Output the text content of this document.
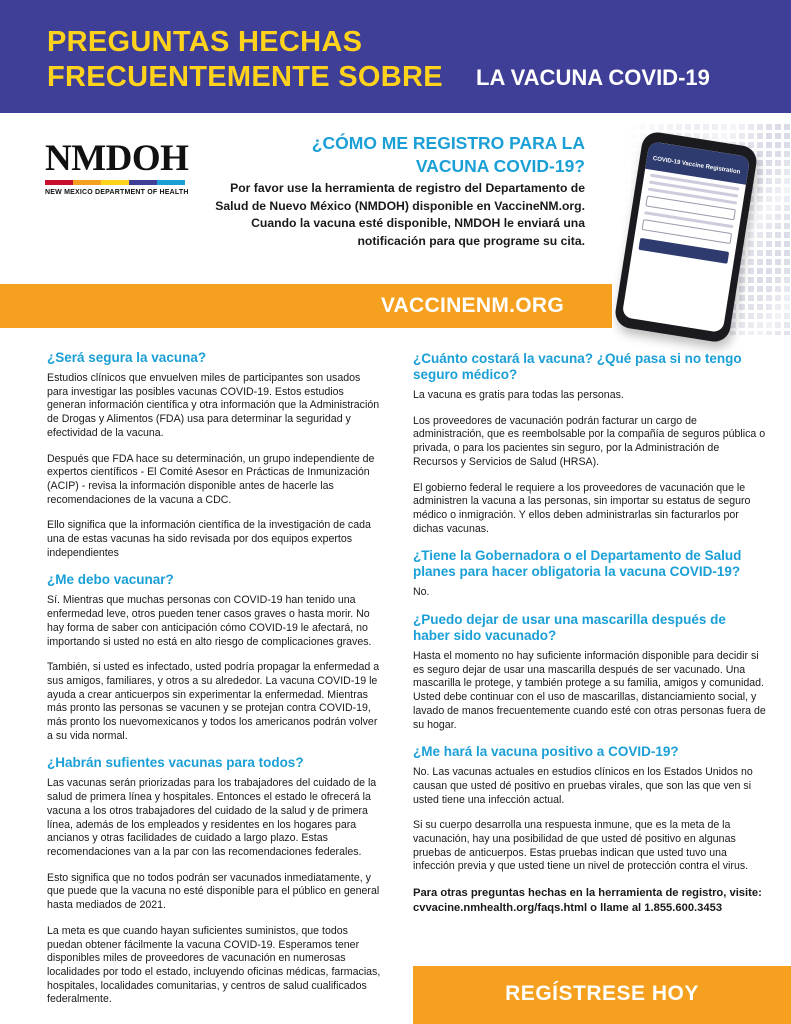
PREGUNTAS HECHAS
FRECUENTEMENTE SOBRE LA VACUNA COVID-19
NMDOH
NEW MEXICO DEPARTMENT OF HEALTH
¿CÓMO ME REGISTRO PARA LA
VACUNA COVID-19?
Por favor use la herramienta de registro del Departamento de Salud de Nuevo México (NMDOH) disponible en VaccineNM.org. Cuando la vacuna esté disponible, NMDOH le enviará una notificación para que programe su cita.
COVID-19 Vaccine Registration
VACCINENM.ORG
¿Será segura la vacuna?

Estudios clínicos que envuelven miles de participantes son usados para investigar las posibles vacunas COVID-19. Estos estudios generan información científica y otra información que la Administración de Drogas y Alimentos (FDA) usa para determinar la seguridad y efectividad de la vacuna.

Después que FDA hace su determinación, un grupo independiente de expertos científicos - El Comité Asesor en Prácticas de Inmunización (ACIP) - revisa la información disponible antes de hacerle las recomendaciones de la vacuna a CDC.

Ello significa que la información científica de la investigación de cada una de estas vacunas ha sido revisada por dos equipos expertos independientes

¿Me debo vacunar?

Sí. Mientras que muchas personas con COVID-19 han tenido una enfermedad leve, otros pueden tener casos graves o hasta morir. No hay forma de saber con anticipación cómo COVID-19 le afectará, no importando si usted no está en alto riesgo de complicaciones graves.

También, si usted es infectado, usted podría propagar la enfermedad a sus amigos, familiares, y otros a su alrededor. La vacuna COVID-19 le ayuda a crear anticuerpos sin experimentar la enfermedad. Mientras más pronto las personas se vacunen y se protejan contra COVID-19, más pronto los nuevomexicanos y todos los americanos podrán volver a su vida normal.

¿Habrán sufientes vacunas para todos?

Las vacunas serán priorizadas para los trabajadores del cuidado de la salud de primera línea y hospitales. Entonces el estado le ofrecerá la vacuna a los otros trabajadores del cuidado de la salud y de primera línea, además de los empleados y residentes en los hogares para ancianos y otras facilidades de cuidado a largo plazo. Estas recomendaciones van a la par con las recomendaciones federales.

Esto significa que no todos podrán ser vacunados inmediatamente, y que puede que la vacuna no esté disponible para el público en general hasta mediados de 2021.

La meta es que cuando hayan suficientes suministos, que todos puedan obtener fácilmente la vacuna COVID-19. Esperamos tener disponibles miles de proveedores de vacunación en numerosas localidades por todo el estado, incluyendo oficinas médicas, farmacias, hospitales, localidades comunitarias, y centros de salud cualificados federalmente.

¿Cuánto costará la vacuna? ¿Qué pasa si no tengo seguro médico?

La vacuna es gratis para todas las personas.

Los proveedores de vacunación podrán facturar un cargo de administración, que es reembolsable por la compañía de seguros pública o privada, o para los pacientes sin seguro, por la Administración de Recursos y Servicios de Salud (HRSA).

El gobierno federal le requiere a los proveedores de vacunación que le administren la vacuna a las personas, sin importar su estatus de seguro médico o inmigración. Y ellos deben administrarlas sin facturarlos por dichas vacunas.

¿Tiene la Gobernadora o el Departamento de Salud planes para hacer obligatoria la vacuna COVID-19?

No.

¿Puedo dejar de usar una mascarilla después de haber sido vacunado?

Hasta el momento no hay suficiente información disponible para decidir si es seguro dejar de usar una mascarilla después de ser vacunado. Una mascarilla le protege, y también protege a su familia, amigos y comunidad. Usted debe continuar con el uso de mascarillas, distanciamiento social, y lavado de manos frecuentemente cuando esté con otras personas fuera de su hogar.

¿Me hará la vacuna positivo a COVID-19?

No. Las vacunas actuales en estudios clínicos en los Estados Unidos no causan que usted dé positivo en pruebas virales, que son las que ven si usted tiene una infección actual.

Si su cuerpo desarrolla una respuesta inmune, que es la meta de la vacunación, hay una posibilidad de que usted dé positivo en algunas pruebas de anticuerpos. Estas pruebas indican que usted tuvo una infección previa y que usted tiene un nivel de protección contra el virus.

Para otras preguntas hechas en la herramienta de registro, visite: cvvacine.nmhealth.org/faqs.html o llame al 1.855.600.3453
REGÍSTRESE HOY
